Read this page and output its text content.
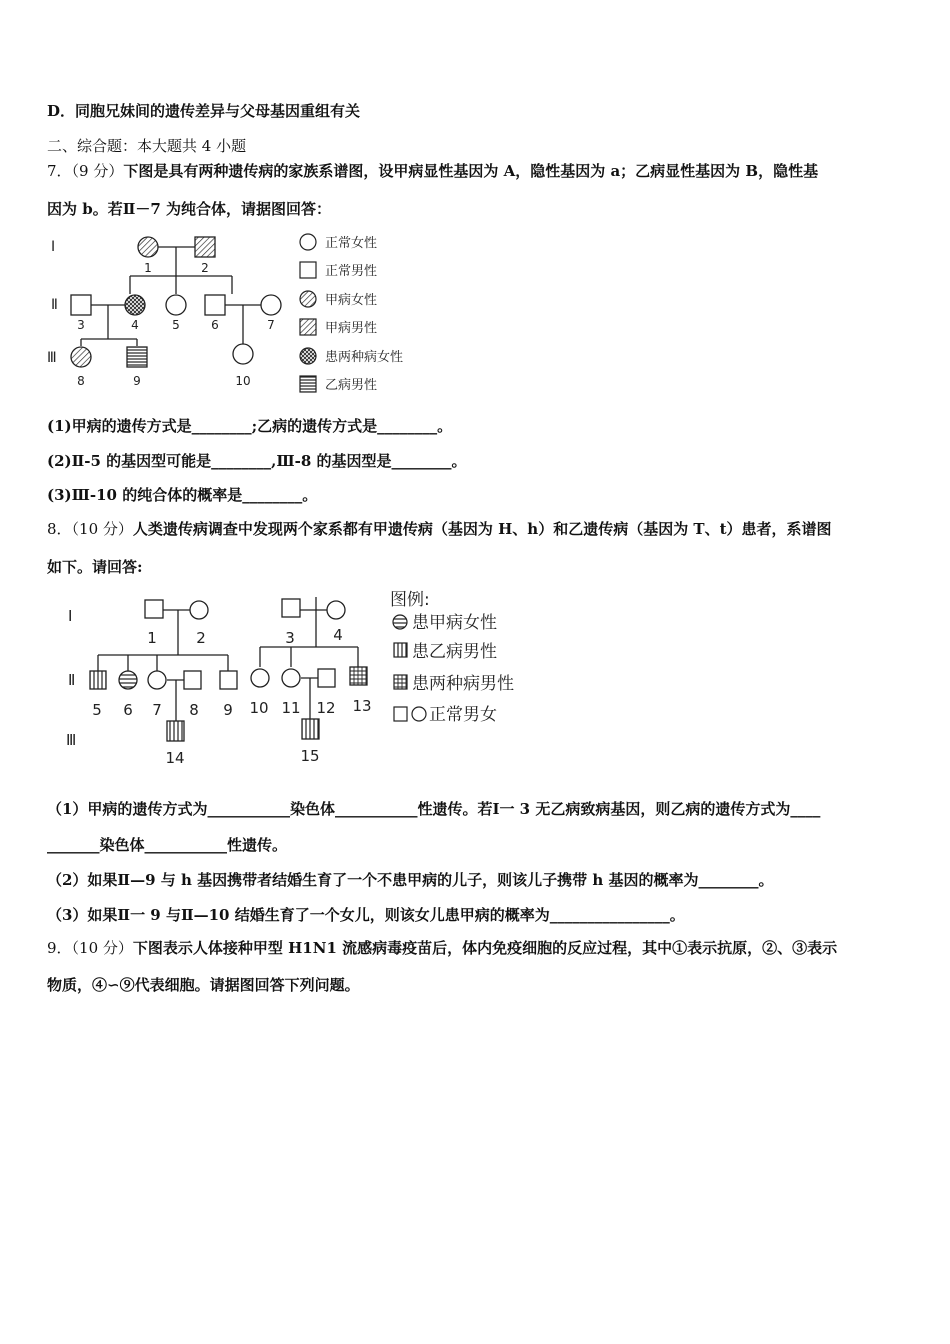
D．同胞兄妹间的遗传差异与父母基因重组有关
二、综合题：本大题共 4 小题
7．（9 分）下图是具有两种遗传病的家族系谱图，设甲病显性基因为 A，隐性基因为 a；乙病显性基因为 B，隐性基
因为 b。若Ⅱ－7 为纯合体，请据图回答：
Ⅰ
Ⅱ
Ⅲ
1	2
3	4	5	6	7
8	9	10
正常女性
正常男性
甲病女性
甲病男性
患两种病女性
乙病男性
(1)甲病的遗传方式是________;乙病的遗传方式是________。
(2)Ⅱ-5 的基因型可能是________,Ⅲ-8 的基因型是________。
(3)Ⅲ-10 的纯合体的概率是________。
8．（10 分）人类遗传病调查中发现两个家系都有甲遗传病（基因为 H、h）和乙遗传病（基因为 T、t）患者，系谱图
如下。请回答:
Ⅰ
Ⅱ
Ⅲ
1	2	3	4
5 6 7 8 9 10 11 12 13
14	15
图例:
患甲病女性
患乙病男性
患两种病男性
正常男女
（1）甲病的遗传方式为___________染色体___________性遗传。若Ⅰ一 3 无乙病致病基因，则乙病的遗传方式为____
_______染色体___________性遗传。
（2）如果Ⅱ—9 与 h 基因携带者结婚生育了一个不患甲病的儿子，则该儿子携带 h 基因的概率为________。
（3）如果Ⅱ一 9 与Ⅱ—10 结婚生育了一个女儿，则该女儿患甲病的概率为________________。
9．（10 分）下图表示人体接种甲型 H1N1 流感病毒疫苗后，体内免疫细胞的反应过程，其中①表示抗原，②、③表示
物质，④∽⑨代表细胞。请据图回答下列问题。
